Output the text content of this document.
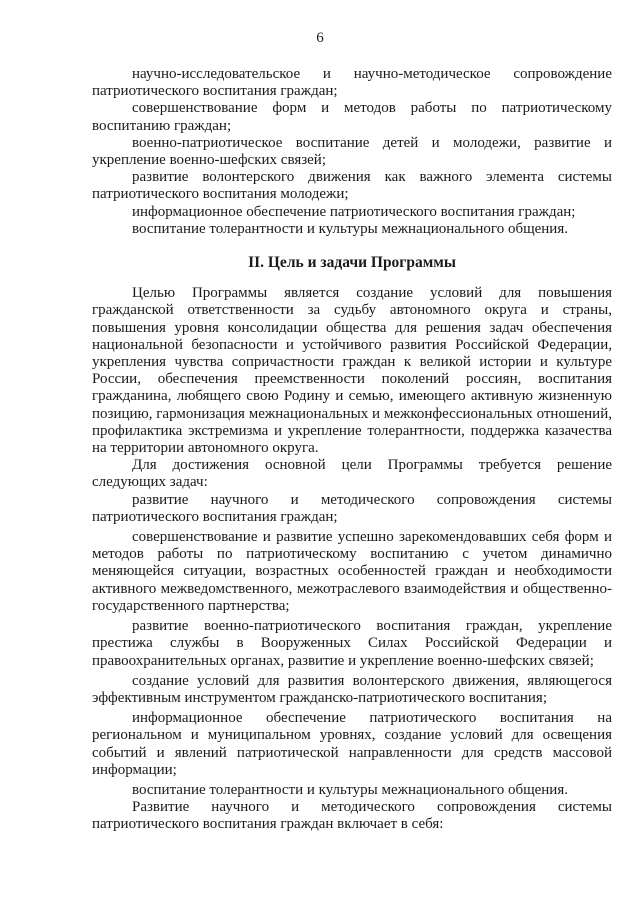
6

научно-исследовательское и научно-методическое сопровождение патриотического воспитания граждан;

совершенствование форм и методов работы по патриотическому воспитанию граждан;

военно-патриотическое воспитание детей и молодежи, развитие и укрепление военно-шефских связей;

развитие волонтерского движения как важного элемента системы патриотического воспитания молодежи;

информационное обеспечение патриотического воспитания граждан;

воспитание толерантности и культуры межнационального общения.

II. Цель и задачи Программы

Целью Программы является создание условий для повышения гражданской ответственности за судьбу автономного округа и страны, повышения уровня консолидации общества для решения задач обеспечения национальной безопасности и устойчивого развития Российской Федерации, укрепления чувства сопричастности граждан к великой истории и культуре России, обеспечения преемственности поколений россиян, воспитания гражданина, любящего свою Родину и семью, имеющего активную жизненную позицию, гармонизация межнациональных и межконфессиональных отношений, профилактика экстремизма и укрепление толерантности, поддержка казачества на территории автономного округа.

Для достижения основной цели Программы требуется решение следующих задач:

развитие научного и методического сопровождения системы патриотического воспитания граждан;

совершенствование и развитие успешно зарекомендовавших себя форм и методов работы по патриотическому воспитанию с учетом динамично меняющейся ситуации, возрастных особенностей граждан и необходимости активного межведомственного, межотраслевого взаимодействия и общественно-государственного партнерства;

развитие военно-патриотического воспитания граждан, укрепление престижа службы в Вооруженных Силах Российской Федерации и правоохранительных органах, развитие и укрепление военно-шефских связей;

создание условий для развития волонтерского движения, являющегося эффективным инструментом гражданско-патриотического воспитания;

информационное обеспечение патриотического воспитания на региональном и муниципальном уровнях, создание условий для освещения событий и явлений патриотической направленности для средств массовой информации;

воспитание толерантности и культуры межнационального общения.

Развитие научного и методического сопровождения системы патриотического воспитания граждан включает в себя:
